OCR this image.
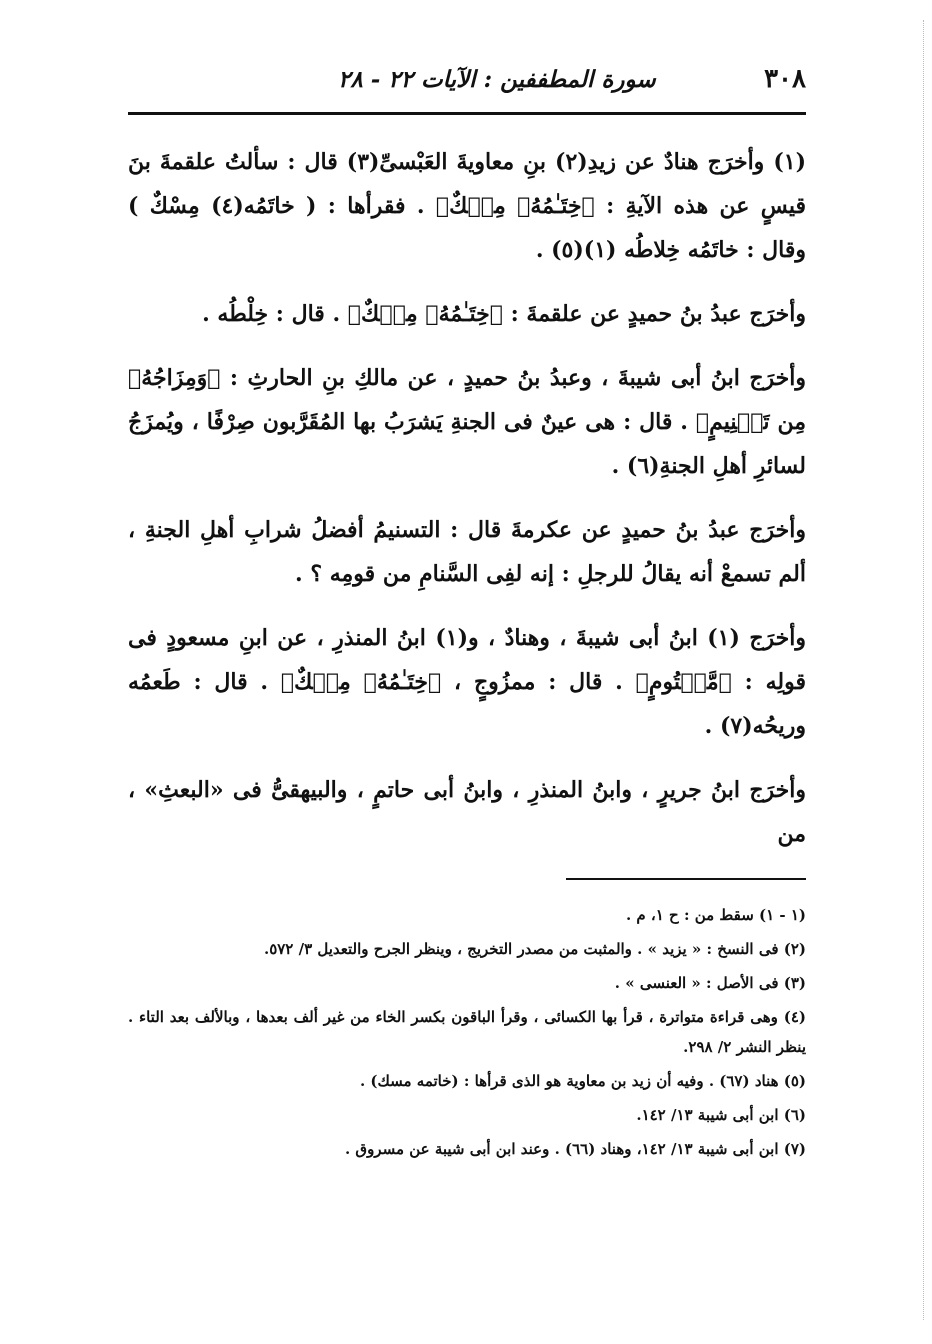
٣٠٨
سورة المطففين : الآيات ٢٢ - ٢٨

(١) وأخرَج هنادٌ عن زيدِ(٢) بنِ معاويةَ العَبْسىِّ(٣) قال : سألتُ علقمةَ بنَ قيسٍ عن هذه الآيةِ : ﴿خِتَـٰمُهُۥ مِسۡكٌ﴾ . فقرأها : ( خاتَمُه(٤) مِسْكٌ ) وقال : خاتَمُه خِلاطُه (١)(٥) .

وأخرَج عبدُ بنُ حميدٍ عن علقمةَ : ﴿خِتَـٰمُهُۥ مِسۡكٌ﴾ . قال : خِلْطُه .

وأخرَج ابنُ أبى شيبةَ ، وعبدُ بنُ حميدٍ ، عن مالكِ بنِ الحارثِ : ﴿وَمِزَاجُهُۥ مِن تَسۡنِيمٍ﴾ . قال : هى عينٌ فى الجنةِ يَشرَبُ بها المُقَرَّبون صِرْفًا ، ويُمزَجُ لسائرِ أهلِ الجنةِ(٦) .

وأخرَج عبدُ بنُ حميدٍ عن عكرمةَ قال : التسنيمُ أفضلُ شرابِ أهلِ الجنةِ ، ألم تسمعْ أنه يقالُ للرجلِ : إنه لفِى السَّنامِ من قومِه ؟ .

وأخرَج (١) ابنُ أبى شيبةَ ، وهنادٌ ، و(١) ابنُ المنذرِ ، عن ابنِ مسعودٍ فى قولِه : ﴿مَّخۡتُومٍ﴾ . قال : ممزُوجٍ ، ﴿خِتَـٰمُهُۥ مِسۡكٌ﴾ . قال : طَعمُه وريحُه(٧) .

وأخرَج ابنُ جريرٍ ، وابنُ المنذرِ ، وابنُ أبى حاتمٍ ، والبيهقىُّ فى «البعثِ» ، من

(١ - ١) سقط من : ح ١، م .

(٢) فى النسخ : « يزيد » . والمثبت من مصدر التخريج ، وينظر الجرح والتعديل ٣/ ٥٧٢.

(٣) فى الأصل : « العنسى » .

(٤) وهى قراءة متواترة ، قرأ بها الكسائى ، وقرأ الباقون بكسر الخاء من غير ألف بعدها ، وبالألف بعد التاء . ينظر النشر ٢/ ٢٩٨.

(٥) هناد (٦٧) . وفيه أن زيد بن معاوية هو الذى قرأها : (خاتمه مسك) .

(٦) ابن أبى شيبة ١٣/ ١٤٢.

(٧) ابن أبى شيبة ١٣/ ١٤٢، وهناد (٦٦) . وعند ابن أبى شيبة عن مسروق .
